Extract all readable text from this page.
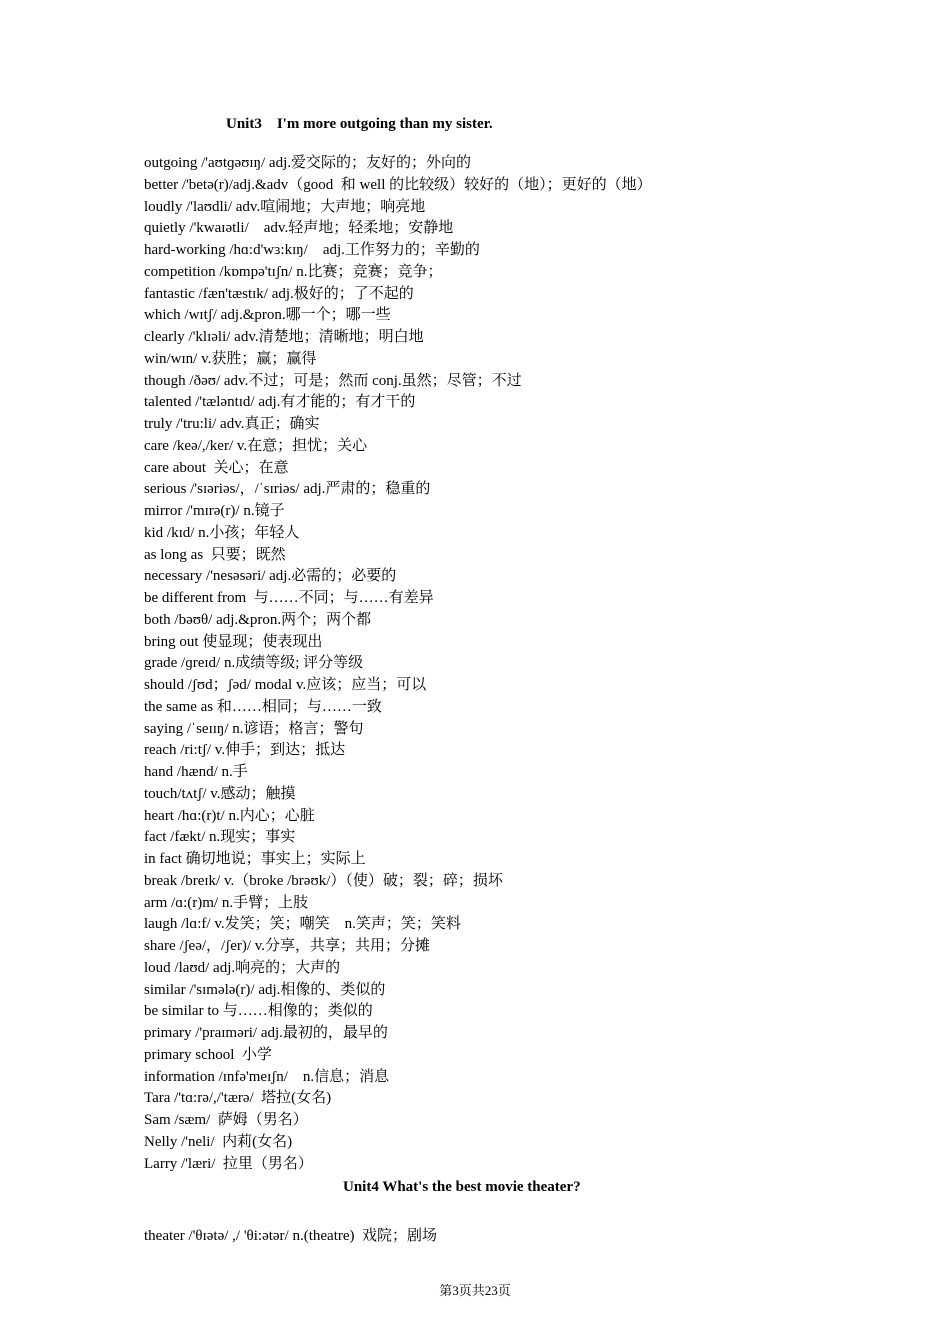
Unit3    I'm more outgoing than my sister.
outgoing /'aʊtɡəʊɪŋ/ adj.爱交际的；友好的；外向的
better /'betə(r)/adj.&adv（good  和 well 的比较级）较好的（地）；更好的（地）
loudly /'laʊdli/ adv.喧闹地；大声地；响亮地
quietly /'kwaɪətli/    adv.轻声地；轻柔地；安静地
hard-working /hɑ:d'wɜ:kɪŋ/    adj.工作努力的；辛勤的
competition /kɒmpə'tɪʃn/ n.比赛；竞赛；竞争；
fantastic /fæn'tæstɪk/ adj.极好的；了不起的
which /wɪtʃ/ adj.&pron.哪一个；哪一些
clearly /'klɪəli/ adv.清楚地；清晰地；明白地
win/wɪn/ v.获胜；赢；赢得
though /ðəʊ/ adv.不过；可是；然而 conj.虽然；尽管；不过
talented /'tæləntɪd/ adj.有才能的；有才干的
truly /'tru:li/ adv.真正；确实
care /keə/,/ker/ v.在意；担忧；关心
care about  关心；在意
serious /'sɪəriəs/，/ˈsɪriəs/ adj.严肃的；稳重的
mirror /'mɪrə(r)/ n.镜子
kid /kɪd/ n.小孩；年轻人
as long as  只要；既然
necessary /'nesəsəri/ adj.必需的；必要的
be different from  与……不同；与……有差异
both /bəʊθ/ adj.&pron.两个；两个都
bring out 使显现；使表现出
grade /ɡreɪd/ n.成绩等级; 评分等级
should /ʃʊd；ʃəd/ modal v.应该；应当；可以
the same as 和……相同；与……一致
saying /ˈseɪɪŋ/ n.谚语；格言；警句
reach /ri:tʃ/ v.伸手；到达；抵达
hand /hænd/ n.手
touch/tʌtʃ/ v.感动；触摸
heart /hɑ:(r)t/ n.内心；心脏
fact /fækt/ n.现实；事实
in fact 确切地说；事实上；实际上
break /breɪk/ v.（broke /brəʊk/）（使）破；裂；碎；损坏
arm /ɑ:(r)m/ n.手臂；上肢
laugh /lɑ:f/ v.发笑；笑；嘲笑    n.笑声；笑；笑料
share /ʃeə/，/ʃer)/ v.分享，共享；共用；分摊
loud /laʊd/ adj.响亮的；大声的
similar /'sɪmələ(r)/ adj.相像的、类似的
be similar to 与……相像的；类似的
primary /'praɪməri/ adj.最初的，最早的
primary school  小学
information /ɪnfə'meɪʃn/    n.信息；消息
Tara /'tɑ:rə/,/'tærə/  塔拉(女名)
Sam /sæm/  萨姆（男名）
Nelly /'neli/  内莉(女名)
Larry /'læri/  拉里（男名）
Unit4 What's the best movie theater?
theater /'θɪətə/ ,/ 'θi:ətər/ n.(theatre)  戏院；剧场
第3页共23页
